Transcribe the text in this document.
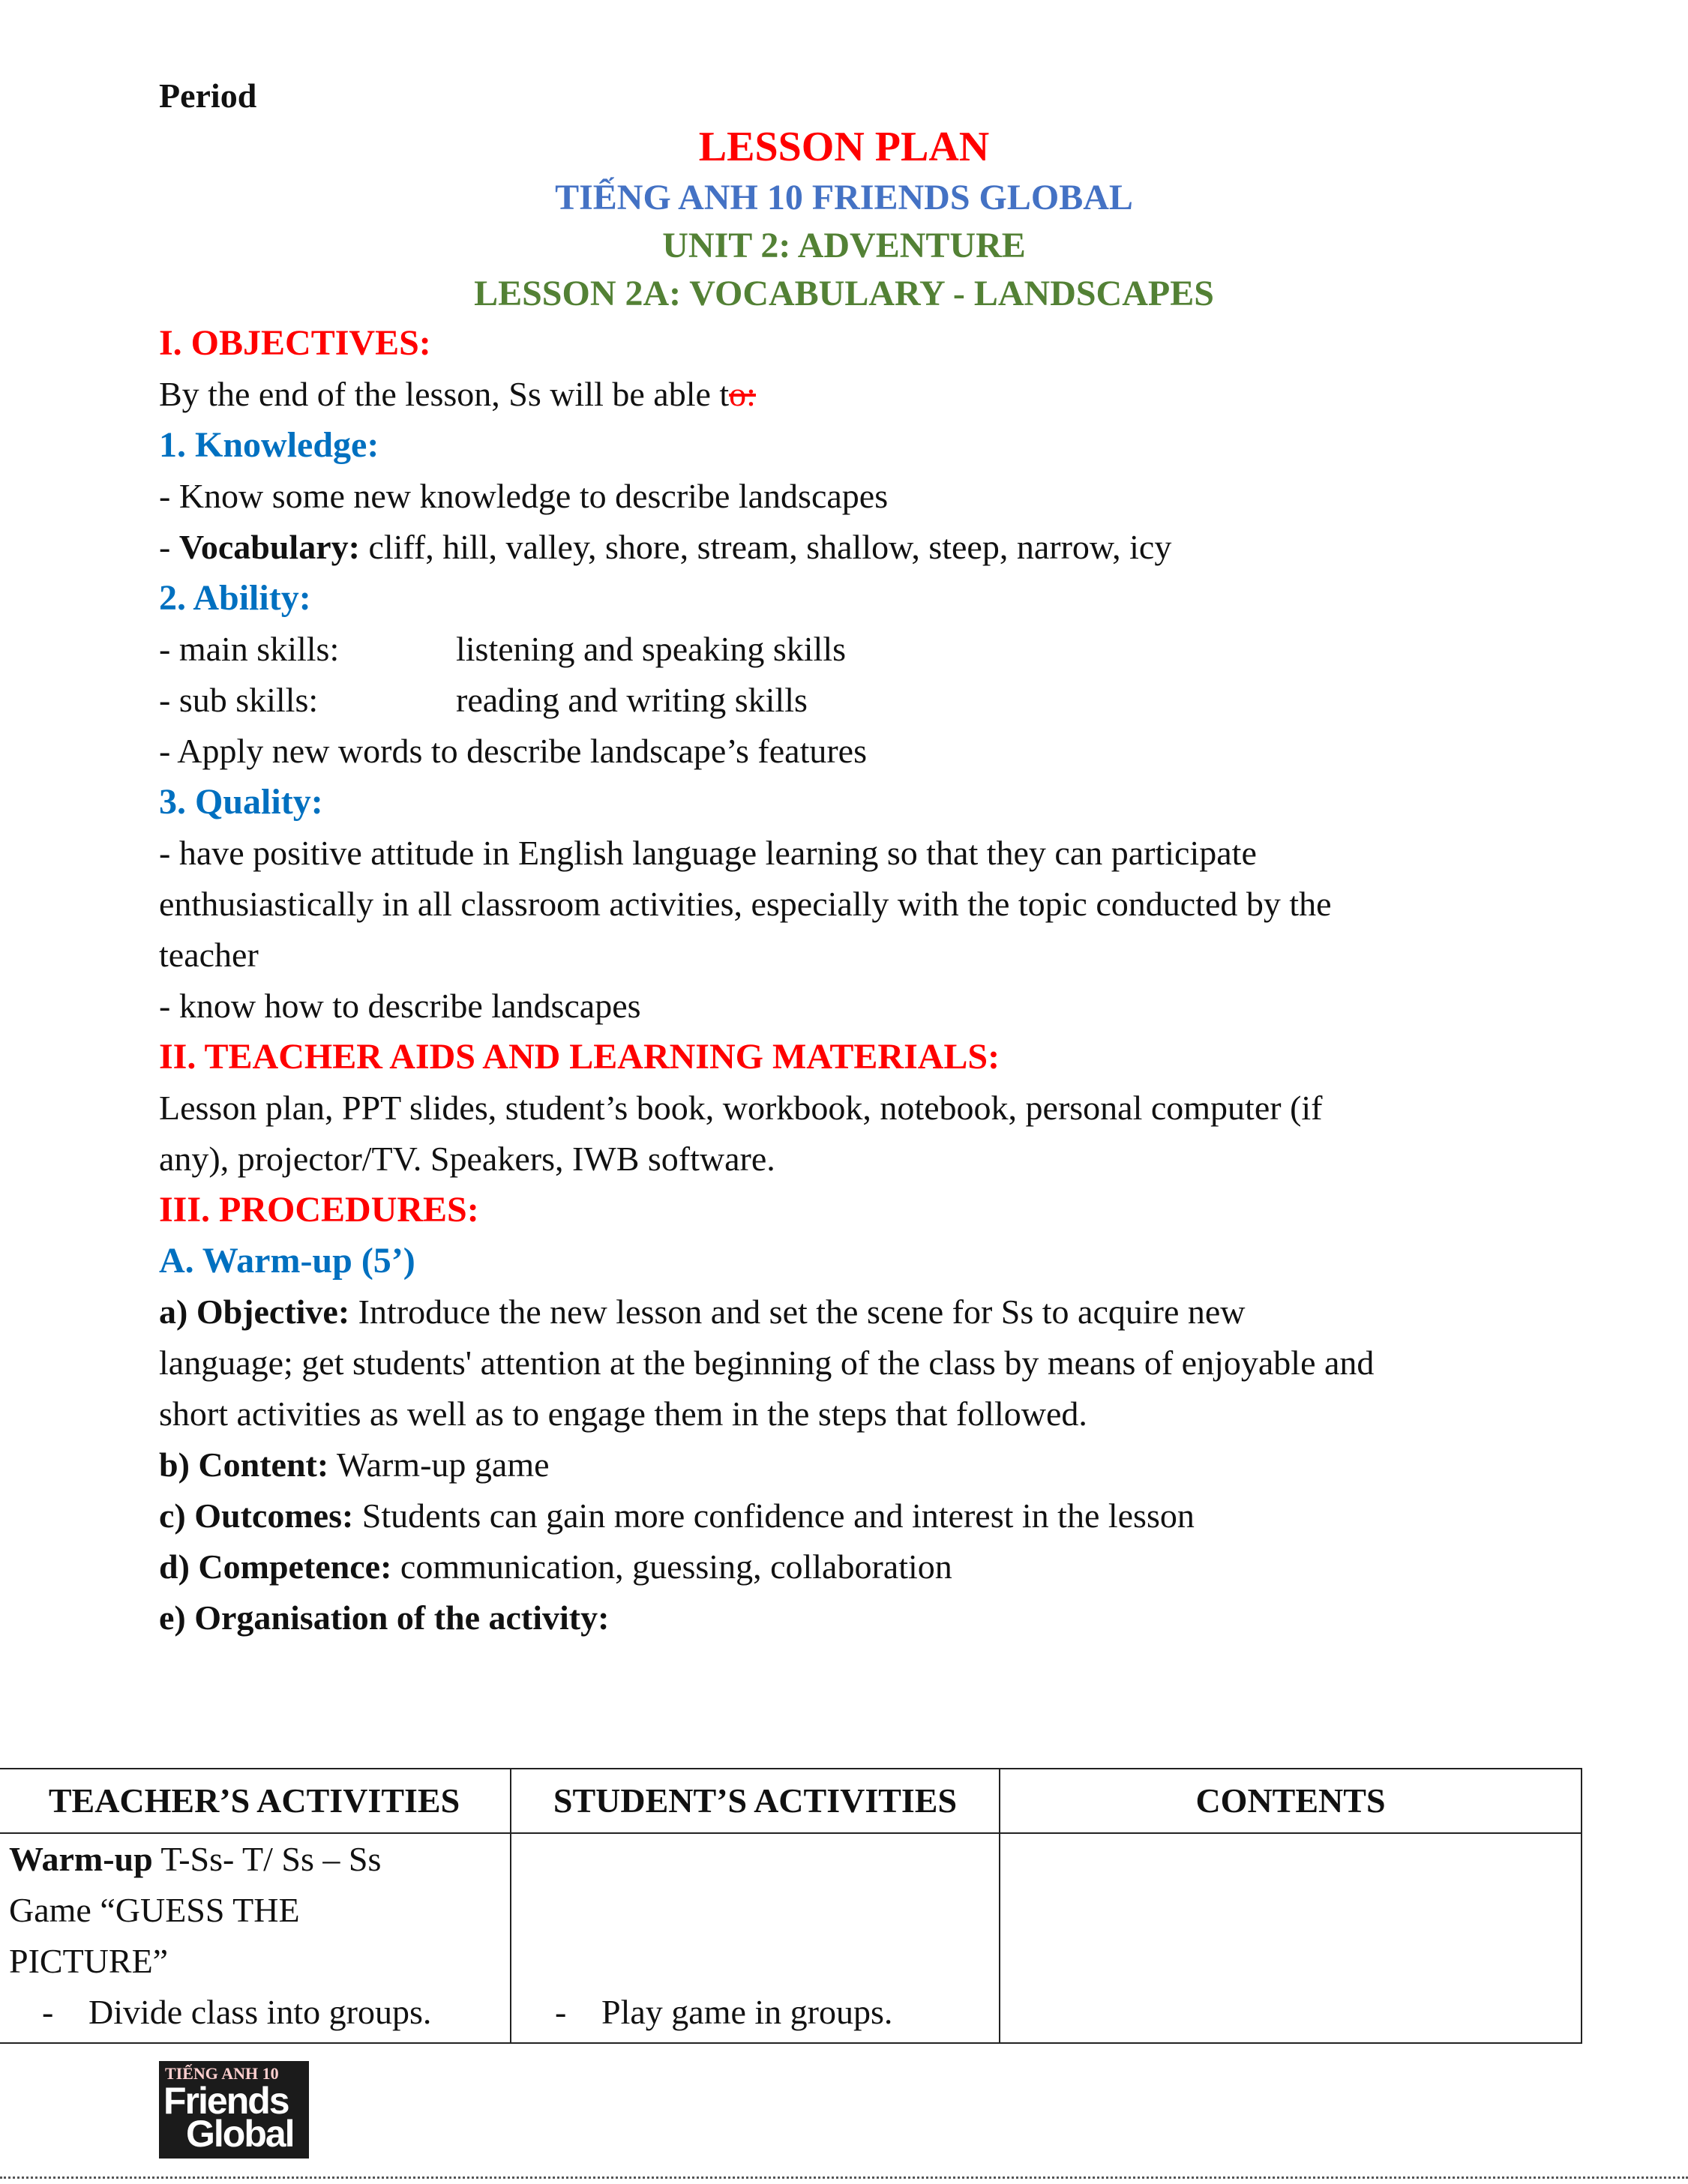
Period
LESSON PLAN
TIẾNG ANH 10 FRIENDS GLOBAL
UNIT 2: ADVENTURE
LESSON 2A: VOCABULARY - LANDSCAPES
I. OBJECTIVES:
By the end of the lesson, Ss will be able to:
1. Knowledge:
- Know some new knowledge to describe landscapes
- Vocabulary: cliff, hill, valley, shore, stream, shallow, steep, narrow, icy
2. Ability:
- main skills:	listening and speaking skills
- sub skills:	reading and writing skills
- Apply new words to describe landscape’s features
3. Quality:
- have positive attitude in English language learning so that they can participate
enthusiastically in all classroom activities, especially with the topic conducted by the
teacher
- know how to describe landscapes
II. TEACHER AIDS AND LEARNING MATERIALS:
Lesson plan, PPT slides, student’s book, workbook, notebook, personal computer (if
any), projector/TV. Speakers, IWB software.
III. PROCEDURES:
A. Warm-up (5’)
a) Objective: Introduce the new lesson and set the scene for Ss to acquire new
language; get students' attention at the beginning of the class by means of enjoyable and
short activities as well as to engage them in the steps that followed.
b) Content: Warm-up game
c) Outcomes: Students can gain more confidence and interest in the lesson
d) Competence: communication, guessing, collaboration
e) Organisation of the activity:
TEACHER’S ACTIVITIES	STUDENT’S ACTIVITIES	CONTENTS

Warm-up T-Ss- T/ Ss – Ss
Game “GUESS THE
PICTURE”
- Divide class into groups.	- Play game in groups.	

TIẾNG ANH 10
Friends
Global
